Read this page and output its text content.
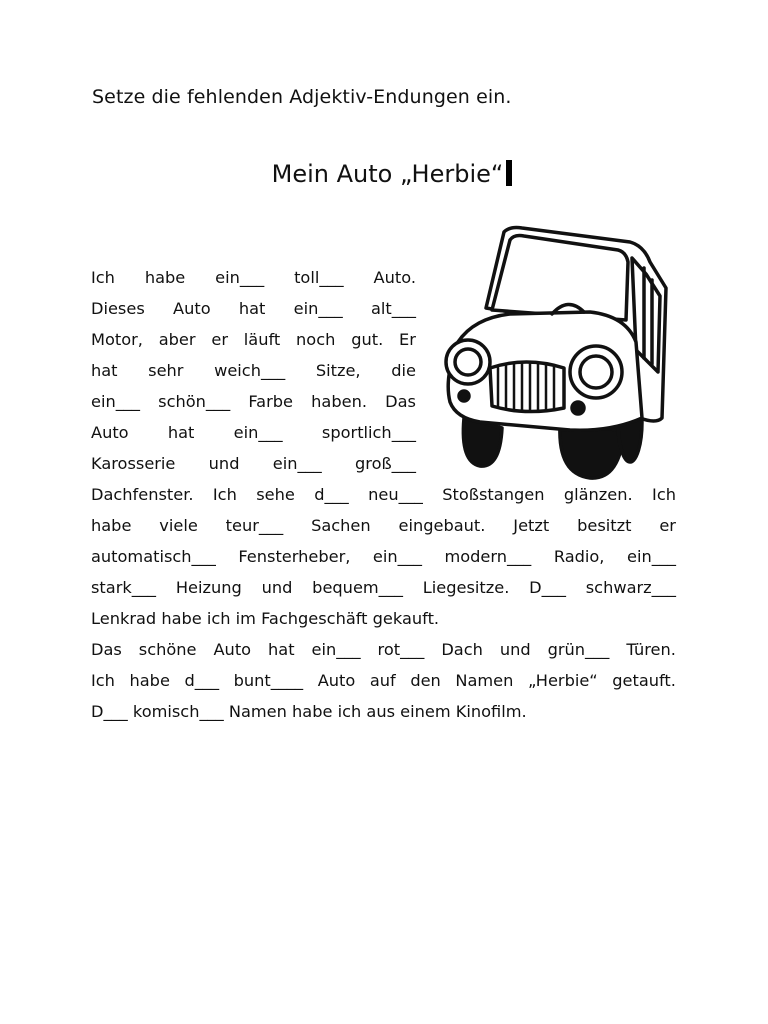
Setze die fehlenden Adjektiv-Endungen ein.
Mein Auto „Herbie“
Ich habe ein___ toll___ Auto.
Dieses Auto hat ein___ alt___
Motor, aber er läuft noch gut. Er
hat sehr weich___ Sitze, die
ein___ schön___ Farbe haben. Das
Auto hat ein___ sportlich___
Karosserie und ein___ groß___
Dachfenster. Ich sehe d___ neu___ Stoßstangen glänzen. Ich
habe viele teur___ Sachen eingebaut. Jetzt besitzt er
automatisch___ Fensterheber, ein___ modern___ Radio, ein___
stark___ Heizung und bequem___ Liegesitze. D___ schwarz___
Lenkrad habe ich im Fachgeschäft gekauft.
Das schöne Auto hat ein___ rot___ Dach und grün___ Türen.
Ich habe d___ bunt____ Auto auf den Namen „Herbie“ getauft.
D___ komisch___ Namen habe ich aus einem Kinofilm.
